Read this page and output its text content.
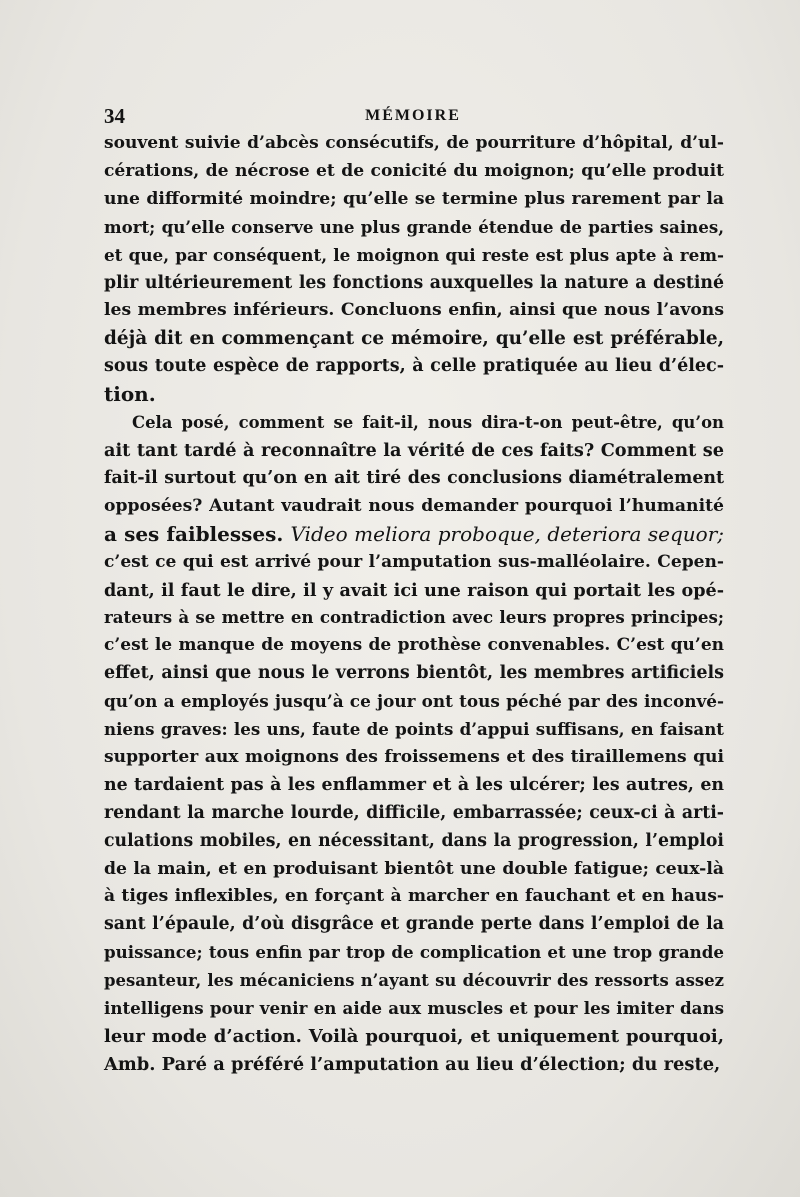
34	MÉMOIRE
souvent suivie d’abcès consécutifs, de pourriture d’hôpital, d’ul-
cérations, de nécrose et de conicité du moignon; qu’elle produit
une difformité moindre; qu’elle se termine plus rarement par la
mort; qu’elle conserve une plus grande étendue de parties saines,
et que, par conséquent, le moignon qui reste est plus apte à rem-
plir ultérieurement les fonctions auxquelles la nature a destiné
les membres inférieurs. Concluons enfin, ainsi que nous l’avons
déjà dit en commençant ce mémoire, qu’elle est préférable,
sous toute espèce de rapports, à celle pratiquée au lieu d’élec-
tion.
Cela posé, comment se fait-il, nous dira-t-on peut-être, qu’on
ait tant tardé à reconnaître la vérité de ces faits? Comment se
fait-il surtout qu’on en ait tiré des conclusions diamétralement
opposées? Autant vaudrait nous demander pourquoi l’humanité
a ses faiblesses. Video meliora proboque, deteriora sequor;
c’est ce qui est arrivé pour l’amputation sus-malléolaire. Cepen-
dant, il faut le dire, il y avait ici une raison qui portait les opé-
rateurs à se mettre en contradiction avec leurs propres principes;
c’est le manque de moyens de prothèse convenables. C’est qu’en
effet, ainsi que nous le verrons bientôt, les membres artificiels
qu’on a employés jusqu’à ce jour ont tous péché par des inconvé-
niens graves: les uns, faute de points d’appui suffisans, en faisant
supporter aux moignons des froissemens et des tiraillemens qui
ne tardaient pas à les enflammer et à les ulcérer; les autres, en
rendant la marche lourde, difficile, embarrassée; ceux-ci à arti-
culations mobiles, en nécessitant, dans la progression, l’emploi
de la main, et en produisant bientôt une double fatigue; ceux-là
à tiges inflexibles, en forçant à marcher en fauchant et en haus-
sant l’épaule, d’où disgrâce et grande perte dans l’emploi de la
puissance; tous enfin par trop de complication et une trop grande
pesanteur, les mécaniciens n’ayant su découvrir des ressorts assez
intelligens pour venir en aide aux muscles et pour les imiter dans
leur mode d’action. Voilà pourquoi, et uniquement pourquoi,
Amb. Paré a préféré l’amputation au lieu d’élection; du reste,
